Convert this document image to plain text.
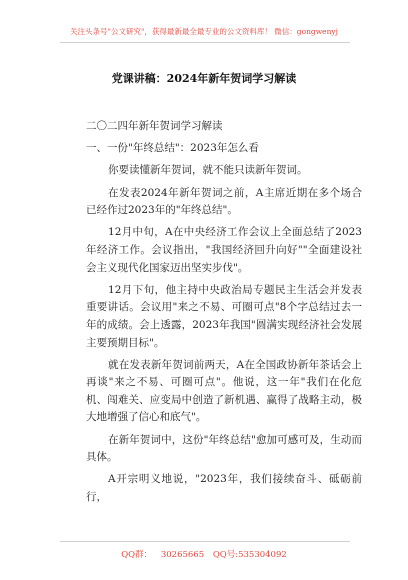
关注头条号"公文研究"，获得最新最全最专业的公文资料库！ 微信：gongwenyj
党课讲稿：2024年新年贺词学习解读

二〇二四年新年贺词学习解读

一、一份"年终总结"：2023年怎么看

你要读懂新年贺词，就不能只读新年贺词。

在发表2024年新年贺词之前，A主席近期在多个场合已经作过2023年的"年终总结"。

12月中旬，A在中央经济工作会议上全面总结了2023年经济工作。会议指出，"我国经济回升向好""全面建设社会主义现代化国家迈出坚实步伐"。

12月下旬，他主持中央政治局专题民主生活会并发表重要讲话。会议用"来之不易、可圈可点"8个字总结过去一年的成绩。会上透露，2023年我国"圆满实现经济社会发展主要预期目标"。

就在发表新年贺词前两天，A在全国政协新年茶话会上再谈"来之不易、可圈可点"。他说，这一年"我们在化危机、闯难关、应变局中创造了新机遇、赢得了战略主动，极大地增强了信心和底气"。

在新年贺词中，这份"年终总结"愈加可感可及，生动而具体。

A开宗明义地说，"2023年，我们接续奋斗、砥砺前行，

QQ群： 30265665 QQ号:535304092
